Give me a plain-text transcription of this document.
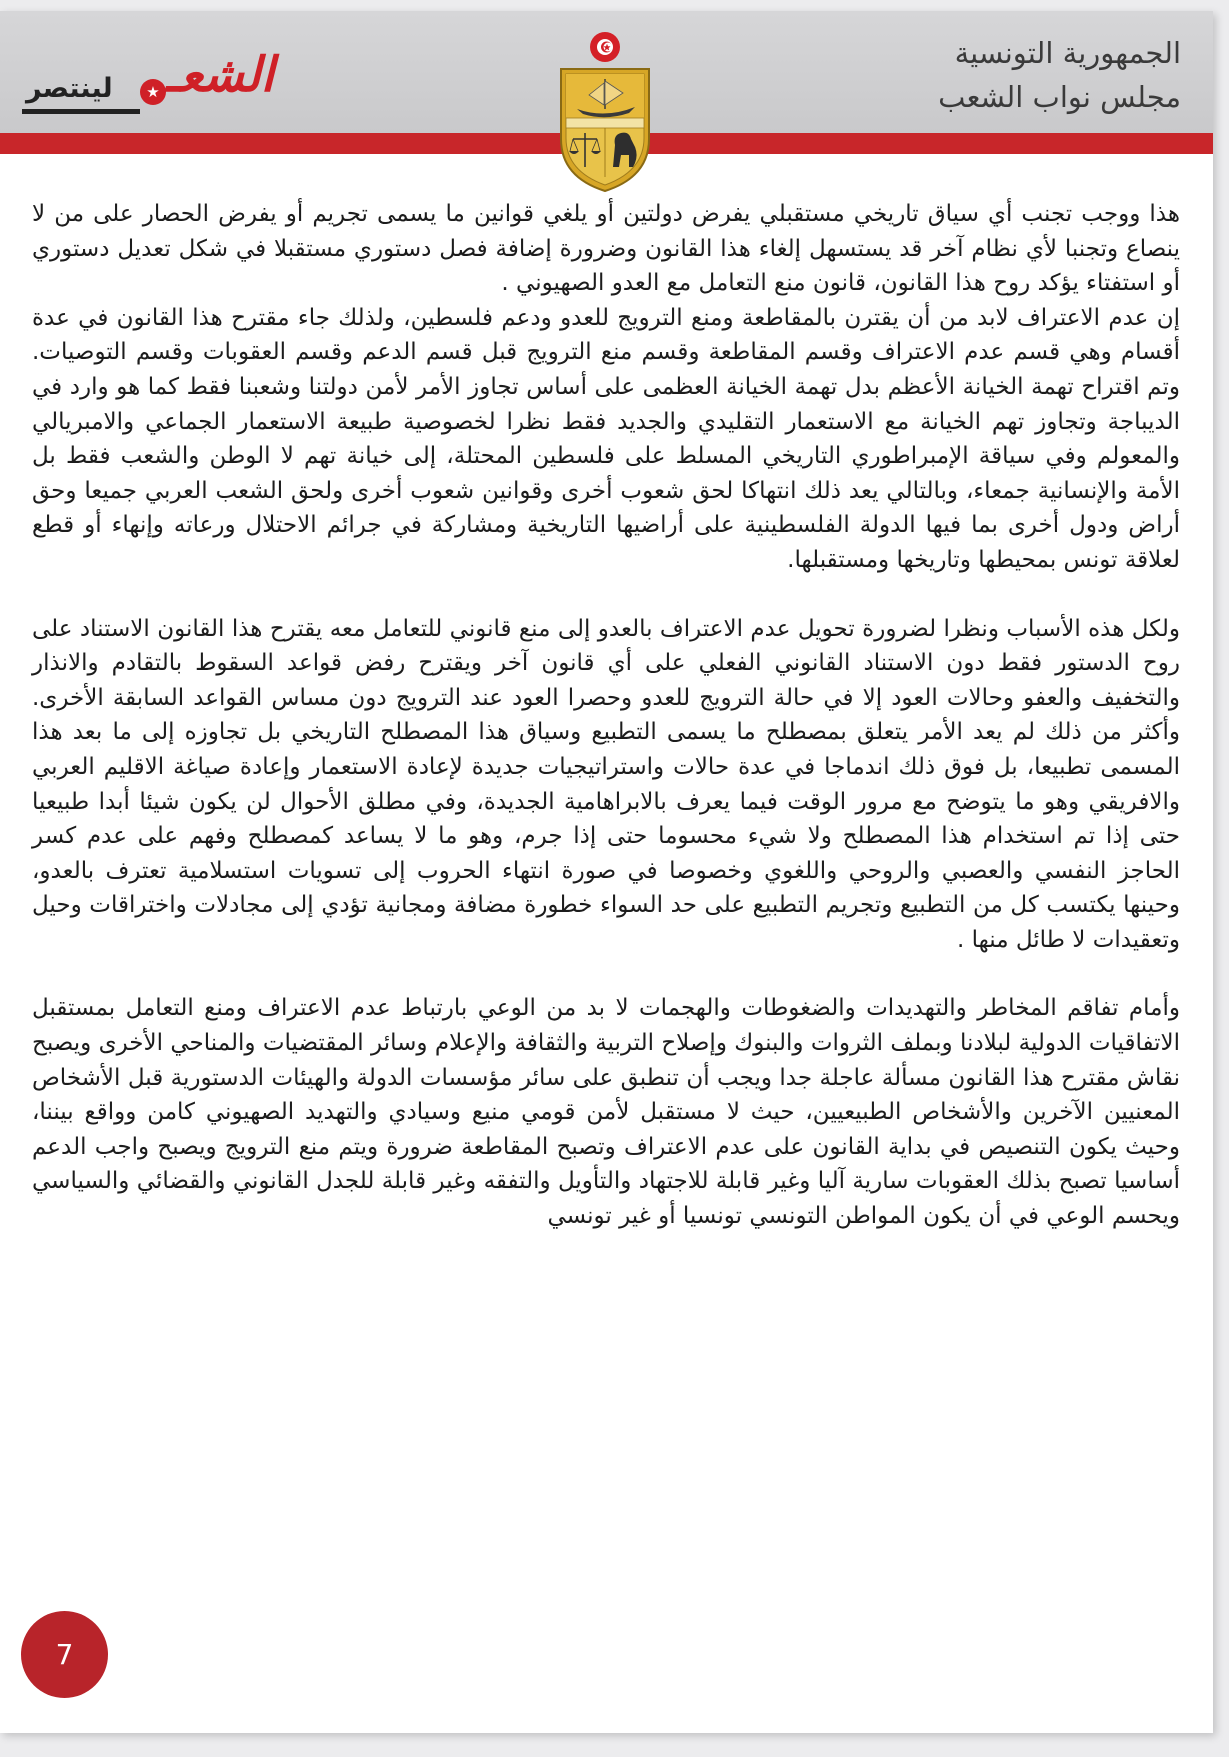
الجمهورية التونسية
مجلس نواب الشعب
الشعـ
★
لينتصر

هذا ووجب تجنب أي سياق تاريخي مستقبلي يفرض دولتين أو يلغي قوانين ما يسمى تجريم أو يفرض الحصار على من لا ينصاع وتجنبا لأي نظام آخر قد يستسهل إلغاء هذا القانون وضرورة إضافة فصل دستوري مستقبلا في شكل تعديل دستوري أو استفتاء يؤكد روح هذا القانون، قانون منع التعامل مع العدو الصهيوني .

إن عدم الاعتراف لابد من أن يقترن بالمقاطعة ومنع الترويج للعدو ودعم فلسطين، ولذلك جاء مقترح هذا القانون في عدة أقسام وهي قسم عدم الاعتراف وقسم المقاطعة وقسم منع الترويج قبل قسم الدعم وقسم العقوبات وقسم التوصيات. وتم اقتراح تهمة الخيانة الأعظم بدل تهمة الخيانة العظمى على أساس تجاوز الأمر لأمن دولتنا وشعبنا فقط كما هو وارد في الديباجة وتجاوز تهم الخيانة مع الاستعمار التقليدي والجديد فقط نظرا لخصوصية طبيعة الاستعمار الجماعي والامبريالي والمعولم وفي سياقة الإمبراطوري التاريخي المسلط على فلسطين المحتلة، إلى خيانة تهم لا الوطن والشعب فقط بل الأمة والإنسانية جمعاء، وبالتالي يعد ذلك انتهاكا لحق شعوب أخرى وقوانين شعوب أخرى ولحق الشعب العربي جميعا وحق أراض ودول أخرى بما فيها الدولة الفلسطينية على أراضيها التاريخية ومشاركة في جرائم الاحتلال ورعاته وإنهاء أو قطع لعلاقة تونس بمحيطها وتاريخها ومستقبلها.

ولكل هذه الأسباب ونظرا لضرورة تحويل عدم الاعتراف بالعدو إلى منع قانوني للتعامل معه يقترح هذا القانون الاستناد على روح الدستور فقط دون الاستناد القانوني الفعلي على أي قانون آخر ويقترح رفض قواعد السقوط بالتقادم والانذار والتخفيف والعفو وحالات العود إلا في حالة الترويج للعدو وحصرا العود عند الترويج دون مساس القواعد السابقة الأخرى. وأكثر من ذلك لم يعد الأمر يتعلق بمصطلح ما يسمى التطبيع وسياق هذا المصطلح التاريخي بل تجاوزه إلى ما بعد هذا المسمى تطبيعا، بل فوق ذلك اندماجا في عدة حالات واستراتيجيات جديدة لإعادة الاستعمار وإعادة صياغة الاقليم العربي والافريقي وهو ما يتوضح مع مرور الوقت فيما يعرف بالابراهامية الجديدة، وفي مطلق الأحوال لن يكون شيئا أبدا طبيعيا حتى إذا تم استخدام هذا المصطلح ولا شيء محسوما حتى إذا جرم، وهو ما لا يساعد كمصطلح وفهم على عدم كسر الحاجز النفسي والعصبي والروحي واللغوي وخصوصا في صورة انتهاء الحروب إلى تسويات استسلامية تعترف بالعدو، وحينها يكتسب كل من التطبيع وتجريم التطبيع على حد السواء خطورة مضافة ومجانية تؤدي إلى مجادلات واختراقات وحيل وتعقيدات لا طائل منها .

وأمام تفاقم المخاطر والتهديدات والضغوطات والهجمات لا بد من الوعي بارتباط عدم الاعتراف ومنع التعامل بمستقبل الاتفاقيات الدولية لبلادنا وبملف الثروات والبنوك وإصلاح التربية والثقافة والإعلام وسائر المقتضيات والمناحي الأخرى ويصبح نقاش مقترح هذا القانون مسألة عاجلة جدا ويجب أن تنطبق على سائر مؤسسات الدولة والهيئات الدستورية قبل الأشخاص المعنيين الآخرين والأشخاص الطبيعيين، حيث لا مستقبل لأمن قومي منيع وسيادي والتهديد الصهيوني كامن وواقع بيننا، وحيث يكون التنصيص في بداية القانون على عدم الاعتراف وتصبح المقاطعة ضرورة ويتم منع الترويج ويصبح واجب الدعم أساسيا تصبح بذلك العقوبات سارية آليا وغير قابلة للاجتهاد والتأويل والتفقه وغير قابلة للجدل القانوني والقضائي والسياسي ويحسم الوعي في أن يكون المواطن التونسي تونسيا أو غير تونسي

7
